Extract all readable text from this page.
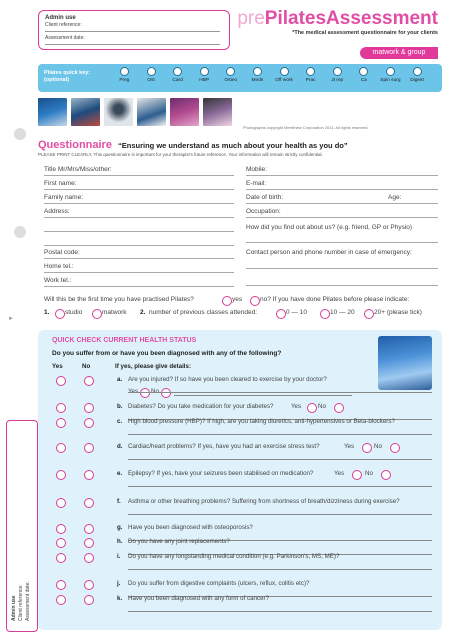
►
Admin use
Client reference:
Assessment date:
prePilatesAssessment
*The medical assessment questionnaire for your clients
matwork & group
Pilates quick key:
(optional)	Preg	Ost	Card	HBP	Osteo	Meds	Off work	Prac	Jt rep	Ca	Spin surg	Digest
Photographs copyright Merrithew Corporation 2011. All rights reserved.
Questionnaire “Ensuring we understand as much about your health as you do”
PLEASE PRINT CLEARLY. This questionnaire is important for your therapist’s future reference. Your information will remain strictly confidential.
Title Mr/Mrs/Miss/other:
First name:
Family name:
Address:
Postal code:
Home tel.:
Work tel.:
Mobile:
E-mail:
Date of birth:	Age:
Occupation:
How did you find out about us? (e.g. friend, GP or Physio)
Contact person and phone number in case of emergency:
Will this be the first time you have practised Pilates?	yes	no? If you have done Pilates before please indicate:
1. studio	matwork 2. number of previous classes attended:	0 — 10	10 — 20	20+ (please tick)
QUICK CHECK CURRENT HEALTH STATUS
Do you suffer from or have you been diagnosed with any of the following?
Yes	No	If yes, please give details:
a. Are you injured? If so have you been cleared to exercise by your doctor?
Yes No
b. Diabetes? Do you take medication for your diabetes?	Yes	No
c. High blood pressure (HBP)? If high, are you taking diuretics, anti-hypertensives or Beta-blockers?
d. Cardiac/heart problems? If yes, have you had an exercise stress test?	Yes	No
e. Epilepsy? If yes, have your seizures been stabilised on medication?	Yes	No
f. Asthma or other breathing problems? Suffering from shortness of breath/dizziness during exercise?
g. Have you been diagnosed with osteoporosis?
h. Do you have any joint replacements?
i. Do you have any longstanding medical condition (e.g. Parkinson’s, MS, ME)?
j. Do you suffer from digestive complaints (ulcers, reflux, colitis etc)?
k. Have you been diagnosed with any form of cancer?
Admin use Client reference: Assessment date:
